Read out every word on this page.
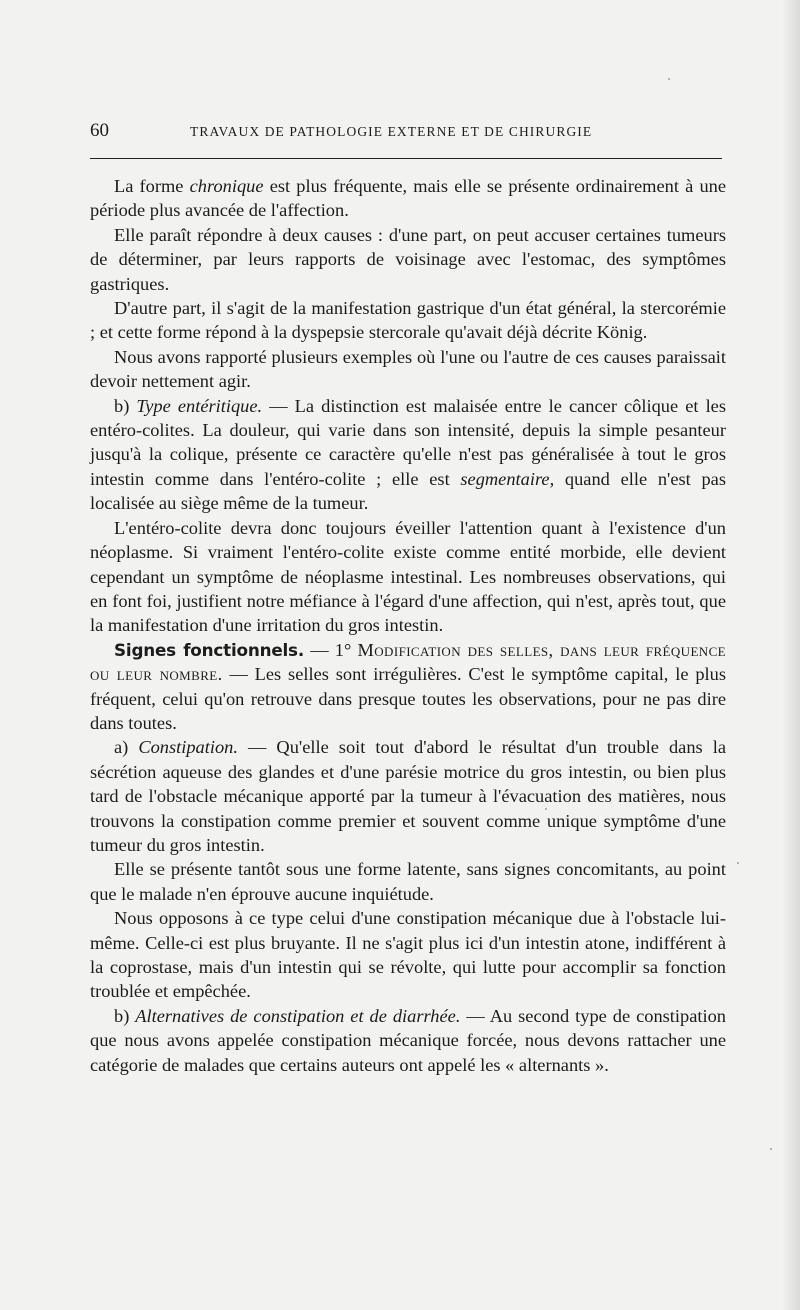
60	TRAVAUX DE PATHOLOGIE EXTERNE ET DE CHIRURGIE

La forme chronique est plus fréquente, mais elle se présente ordinairement à une période plus avancée de l'affection.

Elle paraît répondre à deux causes : d'une part, on peut accuser certaines tumeurs de déterminer, par leurs rapports de voisinage avec l'estomac, des symptômes gastriques.

D'autre part, il s'agit de la manifestation gastrique d'un état général, la stercorémie ; et cette forme répond à la dyspepsie stercorale qu'avait déjà décrite König.

Nous avons rapporté plusieurs exemples où l'une ou l'autre de ces causes paraissait devoir nettement agir.

b) Type entéritique. — La distinction est malaisée entre le cancer côlique et les entéro-colites. La douleur, qui varie dans son intensité, depuis la simple pesanteur jusqu'à la colique, présente ce caractère qu'elle n'est pas généralisée à tout le gros intestin comme dans l'entéro-colite ; elle est segmentaire, quand elle n'est pas localisée au siège même de la tumeur.

L'entéro-colite devra donc toujours éveiller l'attention quant à l'existence d'un néoplasme. Si vraiment l'entéro-colite existe comme entité morbide, elle devient cependant un symptôme de néoplasme intestinal. Les nombreuses observations, qui en font foi, justifient notre méfiance à l'égard d'une affection, qui n'est, après tout, que la manifestation d'une irritation du gros intestin.

Signes fonctionnels. — 1° Modification des selles, dans leur fréquence ou leur nombre. — Les selles sont irrégulières. C'est le symptôme capital, le plus fréquent, celui qu'on retrouve dans presque toutes les observations, pour ne pas dire dans toutes.

a) Constipation. — Qu'elle soit tout d'abord le résultat d'un trouble dans la sécrétion aqueuse des glandes et d'une parésie motrice du gros intestin, ou bien plus tard de l'obstacle mécanique apporté par la tumeur à l'évacuation des matières, nous trouvons la constipation comme premier et souvent comme unique symptôme d'une tumeur du gros intestin.

Elle se présente tantôt sous une forme latente, sans signes concomitants, au point que le malade n'en éprouve aucune inquiétude.

Nous opposons à ce type celui d'une constipation mécanique due à l'obstacle lui-même. Celle-ci est plus bruyante. Il ne s'agit plus ici d'un intestin atone, indifférent à la coprostase, mais d'un intestin qui se révolte, qui lutte pour accomplir sa fonction troublée et empêchée.

b) Alternatives de constipation et de diarrhée. — Au second type de constipation que nous avons appelée constipation mécanique forcée, nous devons rattacher une catégorie de malades que certains auteurs ont appelé les « alternants ».
